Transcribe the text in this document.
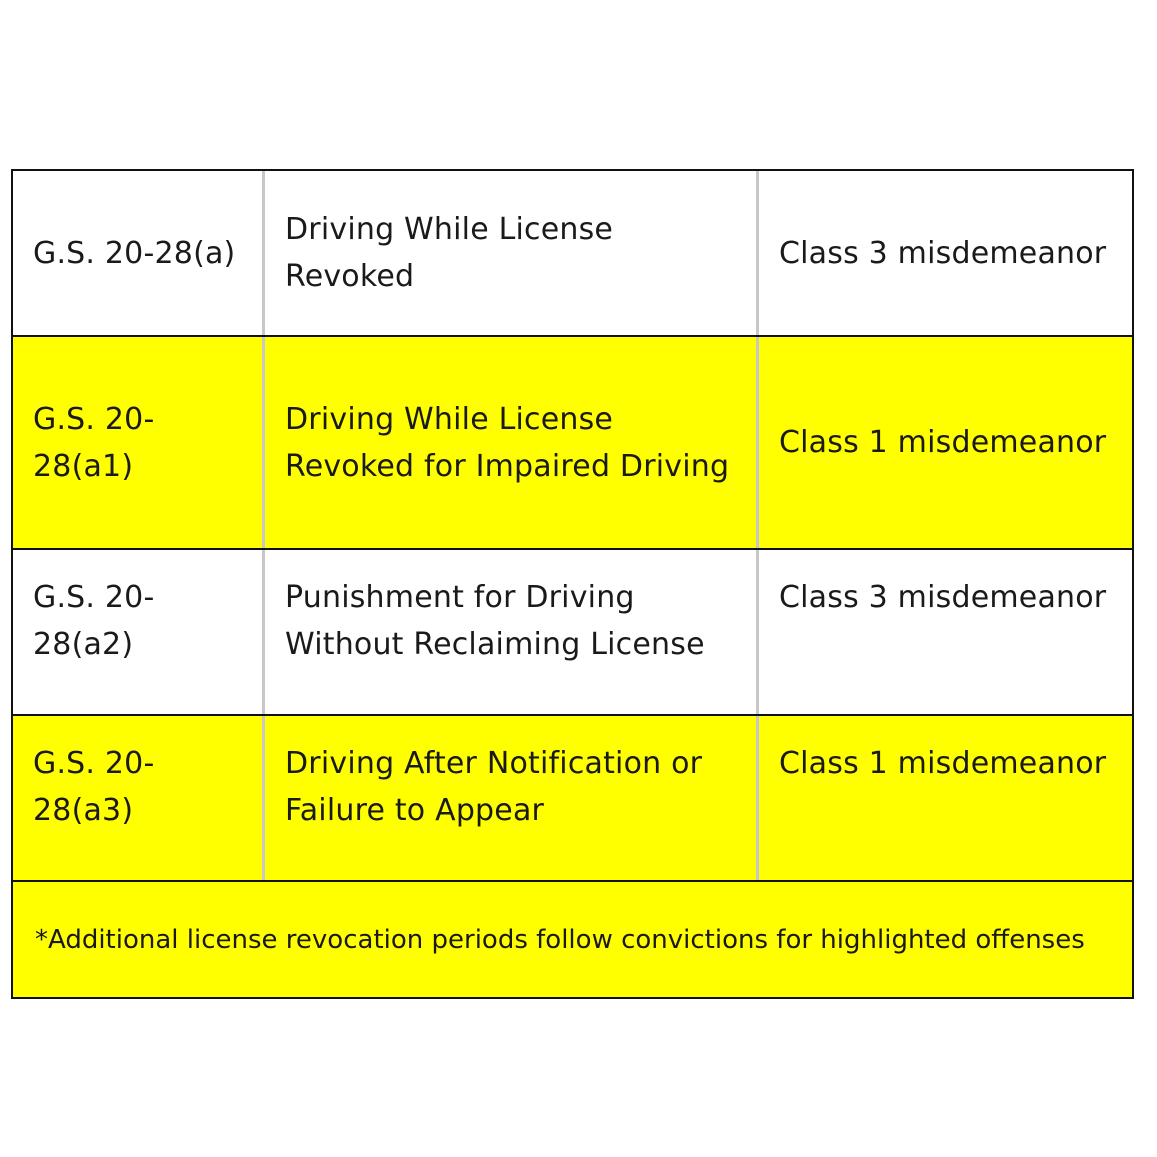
G.S. 20-28(a)
Driving While License Revoked
Class 3 misdemeanor
G.S. 20-28(a1)
Driving While License Revoked for Impaired Driving
Class 1 misdemeanor
G.S. 20-28(a2)
Punishment for Driving Without Reclaiming License
Class 3 misdemeanor
G.S. 20-28(a3)
Driving After Notification or Failure to Appear
Class 1 misdemeanor
*Additional license revocation periods follow convictions for highlighted offenses
